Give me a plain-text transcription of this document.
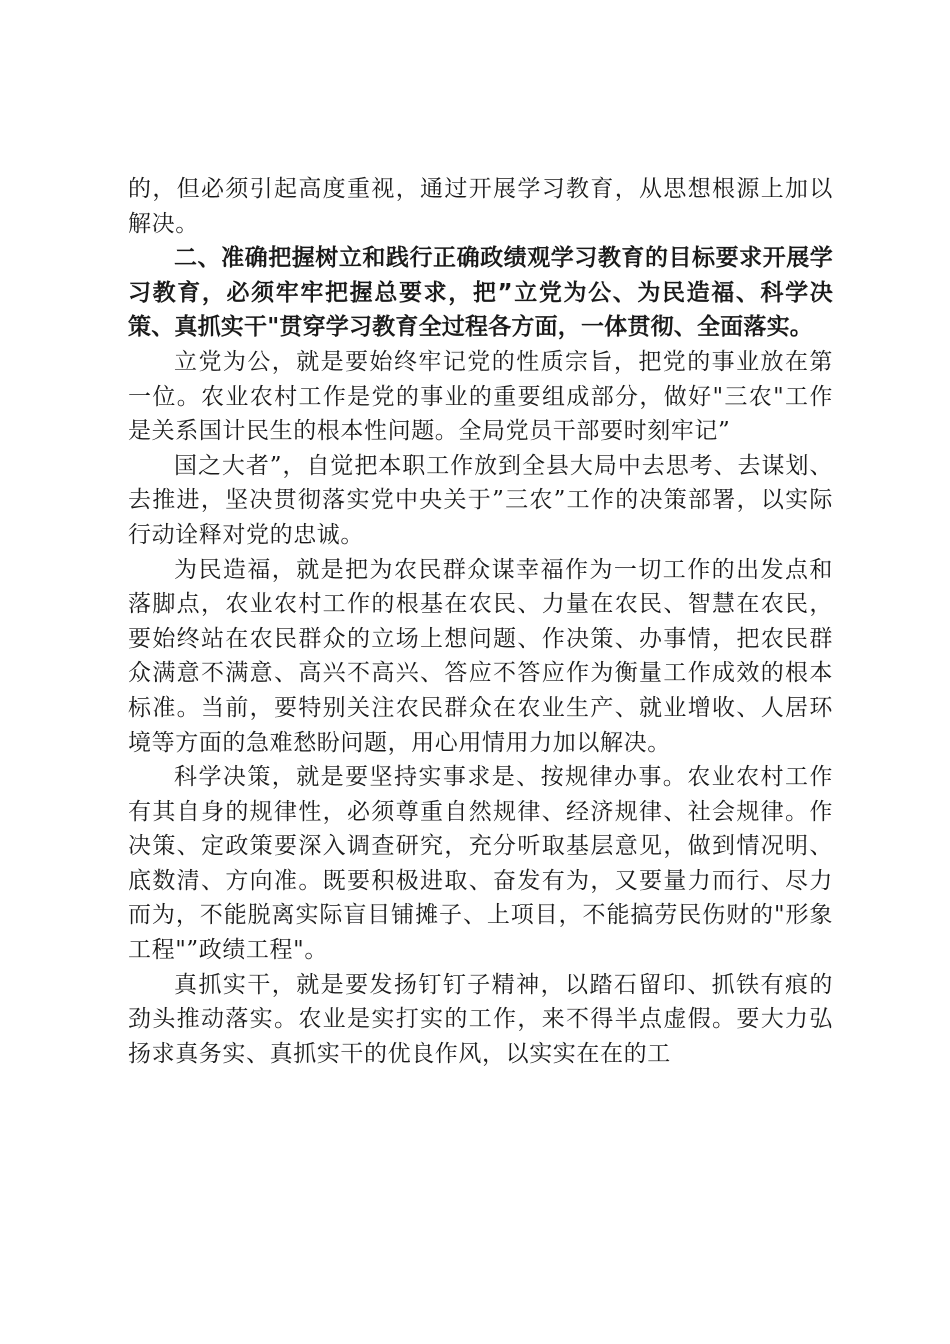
的，但必须引起高度重视，通过开展学习教育，从思想根源上加以解决。

二、准确把握树立和践行正确政绩观学习教育的目标要求开展学习教育，必须牢牢把握总要求，把”立党为公、为民造福、科学决策、真抓实干"贯穿学习教育全过程各方面，一体贯彻、全面落实。

立党为公，就是要始终牢记党的性质宗旨，把党的事业放在第一位。农业农村工作是党的事业的重要组成部分，做好"三农"工作是关系国计民生的根本性问题。全局党员干部要时刻牢记”

国之大者”，自觉把本职工作放到全县大局中去思考、去谋划、去推进，坚决贯彻落实党中央关于”三农”工作的决策部署，以实际行动诠释对党的忠诚。

为民造福，就是把为农民群众谋幸福作为一切工作的出发点和落脚点，农业农村工作的根基在农民、力量在农民、智慧在农民，要始终站在农民群众的立场上想问题、作决策、办事情，把农民群众满意不满意、高兴不高兴、答应不答应作为衡量工作成效的根本标准。当前，要特别关注农民群众在农业生产、就业增收、人居环境等方面的急难愁盼问题，用心用情用力加以解决。

科学决策，就是要坚持实事求是、按规律办事。农业农村工作有其自身的规律性，必须尊重自然规律、经济规律、社会规律。作决策、定政策要深入调查研究，充分听取基层意见，做到情况明、底数清、方向准。既要积极进取、奋发有为，又要量力而行、尽力而为，不能脱离实际盲目铺摊子、上项目，不能搞劳民伤财的"形象工程"”政绩工程"。

真抓实干，就是要发扬钉钉子精神，以踏石留印、抓铁有痕的劲头推动落实。农业是实打实的工作，来不得半点虚假。要大力弘扬求真务实、真抓实干的优良作风，以实实在在的工
